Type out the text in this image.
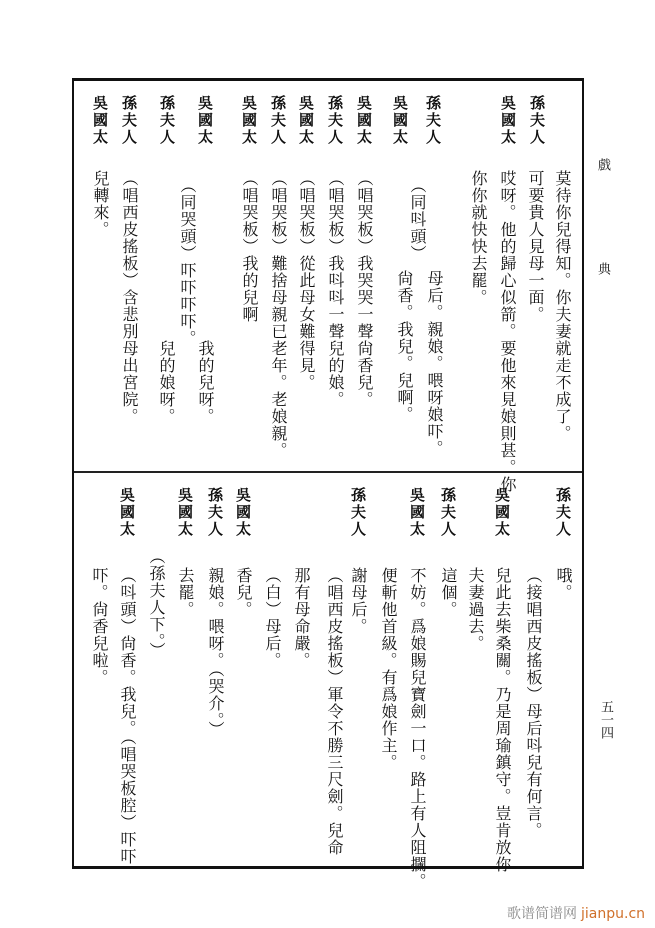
戲
典
五一四
歌谱简谱网 jianpu.cn
莫待你兒得知。你夫妻就走不成了。
孫夫人
可要貴人見母一面。
吳國太
哎呀。他的歸心似箭。要他來見娘則甚。你
你你就快快去罷。
孫夫人
母后。親娘。喂呀娘吓。
（同呌頭）
吳國太
尙香。我兒。兒啊。
吳國太
（唱哭板）我哭哭一聲尙香兒。
孫夫人
（唱哭板）我呌呌一聲兒的娘。
吳國太
（唱哭板）從此母女難得見。
孫夫人
（唱哭板）難捨母親已老年。老娘親。
吳國太
（唱哭板）我的兒啊
吳國太
我的兒呀。
（同哭頭）吓吓吓吓。
孫夫人
兒的娘呀。
孫夫人
（唱西皮搖板）含悲別母出宮院。
吳國太
兒轉來。
孫夫人
哦。
（接唱西皮搖板）母后呌兒有何言。
吳國太
兒此去柴桑關。乃是周瑜鎮守。豈肯放你
夫妻過去。
孫夫人
這個。
吳國太
不妨。爲娘賜兒寶劍一口。路上有人阻攔。
便斬他首級。有爲娘作主。
孫夫人
謝母后。
（唱西皮搖板）軍令不勝三尺劍。兒命
那有母命嚴。
（白）母后。
吳國太
香兒。
孫夫人
親娘。喂呀。（哭介。）
吳國太
去罷。
（孫夫人下。）
吳國太
（呌頭）尙香。我兒。（唱哭板腔）吓吓
吓。尙香兒啦。
